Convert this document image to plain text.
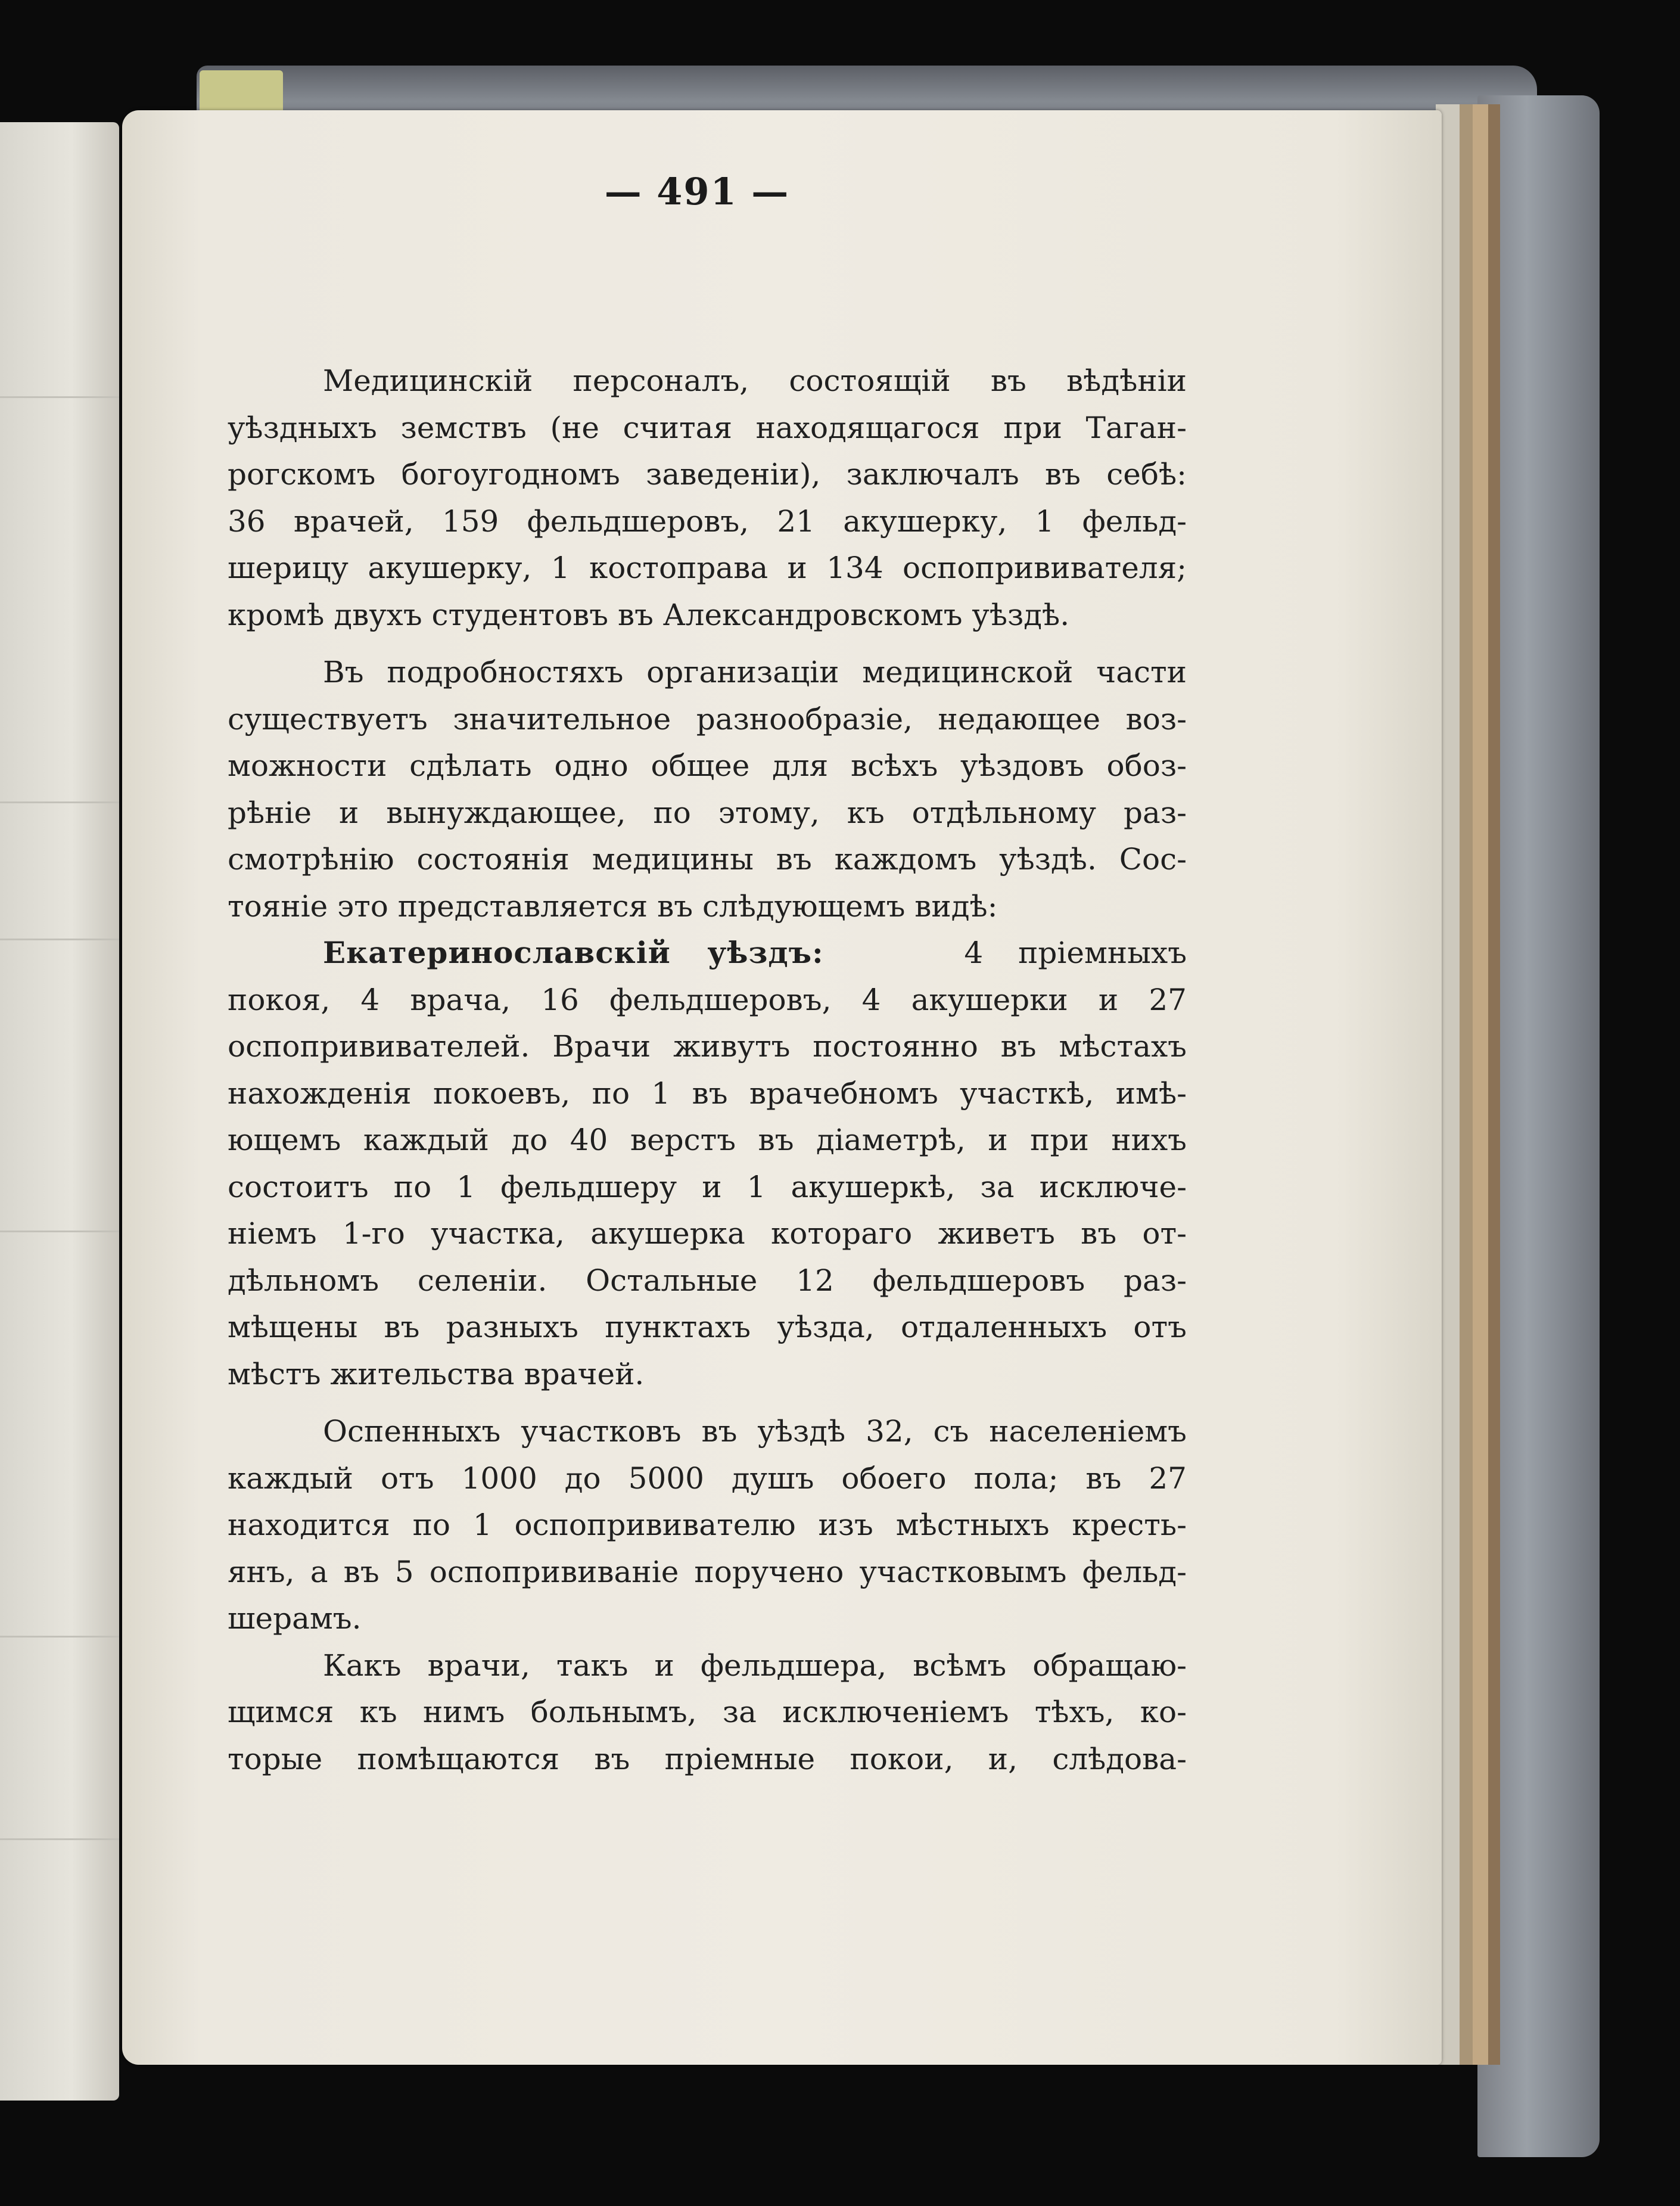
— 491 —
Медицинскій персоналъ, состоящій въ вѣдѣніи
уѣздныхъ земствъ (не считая находящагося при Таган-
рогскомъ богоугодномъ заведеніи), заключалъ въ себѣ:
36 врачей, 159 фельдшеровъ, 21 акушерку, 1 фельд-
шерицу акушерку, 1 костоправа и 134 оспопрививателя;
кромѣ двухъ студентовъ въ Александровскомъ уѣздѣ.
Въ подробностяхъ организаціи медицинской части
существуетъ значительное разнообразіе, недающее воз-
можности сдѣлать одно общее для всѣхъ уѣздовъ обоз-
рѣніе и вынуждающее, по этому, къ отдѣльному раз-
смотрѣнію состоянія медицины въ каждомъ уѣздѣ. Сос-
тояніе это представляется въ слѣдующемъ видѣ:
Екатеринославскій уѣздъ:	4 пріемныхъ
покоя, 4 врача, 16 фельдшеровъ, 4 акушерки и 27
оспопрививателей. Врачи живутъ постоянно въ мѣстахъ
нахожденія покоевъ, по 1 въ врачебномъ участкѣ, имѣ-
ющемъ каждый до 40 верстъ въ діаметрѣ, и при нихъ
состоитъ по 1 фельдшеру и 1 акушеркѣ, за исключе-
ніемъ 1-го участка, акушерка котораго живетъ въ от-
дѣльномъ селеніи. Остальные 12 фельдшеровъ раз-
мѣщены въ разныхъ пунктахъ уѣзда, отдаленныхъ отъ
мѣстъ жительства врачей.
Оспенныхъ участковъ въ уѣздѣ 32, съ населеніемъ
каждый отъ 1000 до 5000 душъ обоего пола; въ 27
находится по 1 оспопрививателю изъ мѣстныхъ кресть-
янъ, а въ 5 оспопрививаніе поручено участковымъ фельд-
шерамъ.
Какъ врачи, такъ и фельдшера, всѣмъ обращаю-
щимся къ нимъ больнымъ, за исключеніемъ тѣхъ, ко-
торые помѣщаются въ пріемные покои, и, слѣдова-
